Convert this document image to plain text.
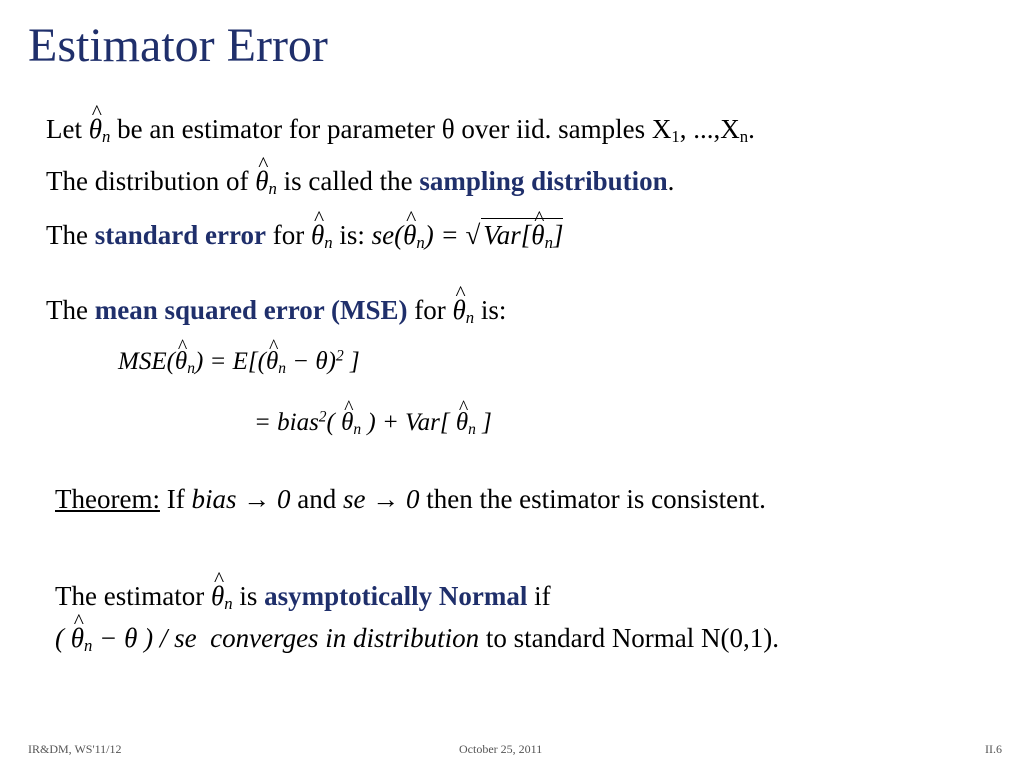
Estimator Error
Let ^ $\theta_n$ be an estimator for parameter θ over iid. samples $X_1$, $...,X_n$.
The distribution of ^ $\theta_n$ is called the sampling distribution.
The standard error for ^ $\theta_n$ is: se(^ $\theta_n$) = √ Var[^ $\theta_n$]
The mean squared error (MSE) for ^ $\theta_n$ is:
MSE(^ $\theta_n$) = E[(^ $\theta_n - \theta)^2$ ]
= bias$^2$( ^ $\theta_n$ ) + Var[ ^ $\theta_n$ ]
Theorem: If bias → 0 and se → 0 then the estimator is consistent.
The estimator ^ $\theta_n$ is asymptotically Normal if
( ^ $\theta_n - \theta$ ) / se converges in distribution to standard Normal N(0,1).
IR&DM, WS'11/12	October 25, 2011	II.6
